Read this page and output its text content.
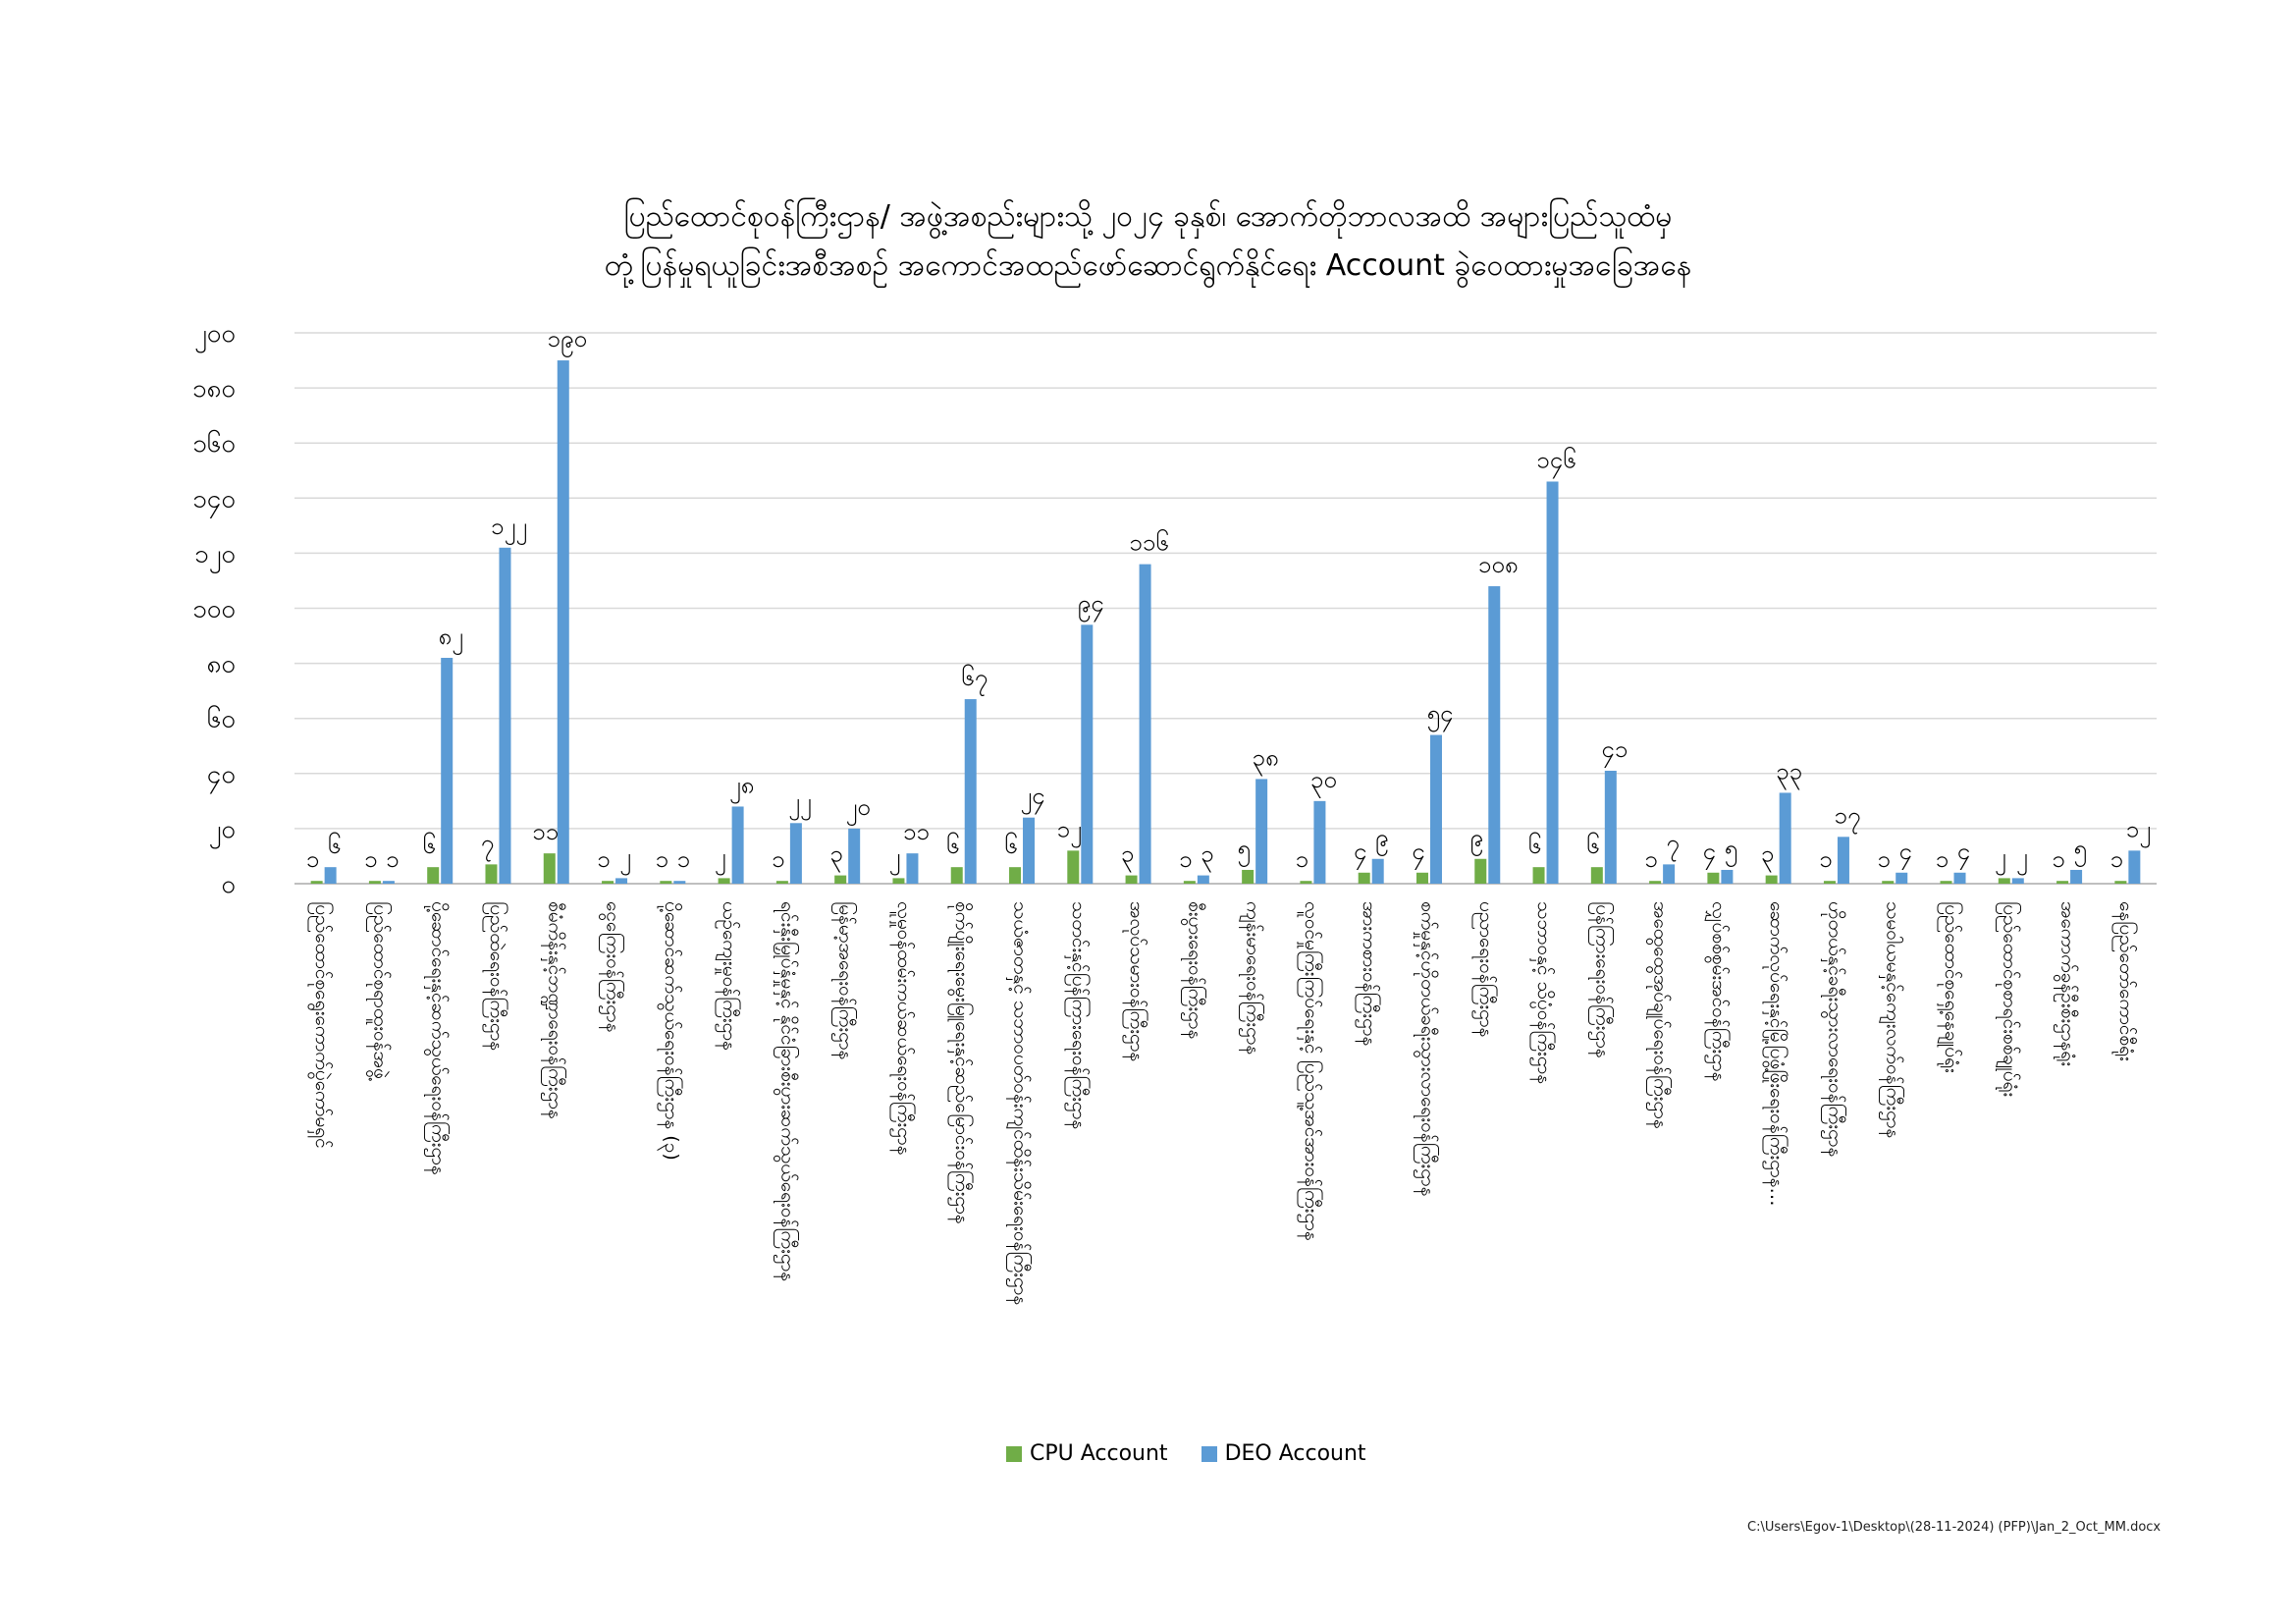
ပြည်ထောင်စုဝန်ကြီးဌာန/ အဖွဲ့အစည်းများသို့ ၂၀၂၄ ခုနှစ်၊ အောက်တိုဘာလအထိ အများပြည်သူထံမှ
တုံ့ပြန်မှုရယူခြင်းအစီအစဉ် အကောင်အထည်ဖော်ဆောင်ရွက်နိုင်ရေး Account ခွဲဝေထားမှုအခြေအနေ
၀
၂၀
၄၀
၆၀
၈၀
၁၀၀
၁၂၀
၁၄၀
၁၆၀
၁၈၀
၂၀၀
၁
၆
၁ ၁
၆
၈၂
၇
၁၂၂
၁၁
၁၉၀
၁ ၂ ၁ ၁ ၂
၂၈
၁
၂၂
၃
၂၀
၂
၁၁
၆
၆၇
၆
၂၄
၁၂
၉၄
၃
၁၁၆
၁ ၃ ၅
၃၈
၁
၃၀
၄
၉
၄
၅၄
၉
၁၀၈
၆
၁၄၆
၆
၄၁
၁
၇ ၄ ၅ ၃
၃၃
၁
၁၇
၁ ၄ ၁ ၄ ၂ ၂ ၁ ၅ ၁
၁၂
ပြည်ထောင်စုရွေးကောက်ပွဲကော်မရှင် ပြည်ထောင်စုရာထူးဝန်အဖွဲ့ ပို့ဆောင်ရေးနှင့်ဆက်သွယ်ရေးဝန်ကြီးဌာန ပြည်ထဲရေးဝန်ကြီးဌာန စီမံကိန်းနှင့်ဘဏ္ဍာရေးဝန်ကြီးဌာန ငွေကြေးဝန်ကြီးဌာန ပို့ဆောင်ဆက်သွယ်ရေးဝန်ကြီးဌာန (၃) ယဉ်ကျေးမှုဝန်ကြီးဌာန ရင်းနှီးမြှုပ်နှံမှုနှင့် နိုင်ငံခြားစီးပွားဆက်သွယ်ရေးဝန်ကြီးဌာန မြန်မာ့အရေးဝန်ကြီးဌာန လူမှုဝန်ထမ်းကယ်ဆယ်ရေးဝန်ကြီးဌာန စိုက်ပျိုးရေးမွေးမြူရေးနှင့်ဆည်မြောင်းဝန်ကြီးဌာန သယံဇာတနှင့် သဘာဝပတ်ဝန်းကျင်ထိန်းသိမ်းရေးဝန်ကြီးဌာန သတင်းနှင့်ပြန်ကြားရေးဝန်ကြီးဌာန အလုပ်သမားဝန်ကြီးဌာန စီးပွားရေးဝန်ကြီးဌာန ကျန်းမာရေးဝန်ကြီးဌာန လူဝင်မှုကြီးကြပ်ရေးနှင့် ပြည်သူ့အင်အားဝန်ကြီးဌာန အားကစားဝန်ကြီးဌာန စက်မှုနှင့်ဟိုတယ်ခရီးသွားလာရေးဝန်ကြီးဌာန ပညာရေးဝန်ကြီးဌာန သဘာဝနှင့် သိပ္ပံဝန်ကြီးဌာန ပြန်ကြားရေးဝန်ကြီးဌာန အထွေထွေအုပ်ချုပ်ရေးဝန်ကြီးဌာန လျှပ်စစ်စွမ်းအင်ဝန်ကြီးဌာန ဆောက်လုပ်ရေးနှင့်မြို့ပြဖွံ့ဖြိုးရေးဝန်ကြီးဌာန… ဟိုတယ်နှင့်ခရီးသွားလာရေးဝန်ကြီးဌာန သမဝါယမနှင့်ကျေးလက်ဝန်ကြီးဌာန ပြည်ထောင်စုရှေ့နေချုပ်ရုံး ပြည်ထောင်စုစာရင်းစစ်ချုပ်ရုံး အကောက်ခွန်ဦးစီးဌာနရုံး နေပြည်တော်ကောင်စီရုံး
CPU Account	DEO Account
C:\Users\Egov-1\Desktop\(28-11-2024) (PFP)\Jan_2_Oct_MM.docx
